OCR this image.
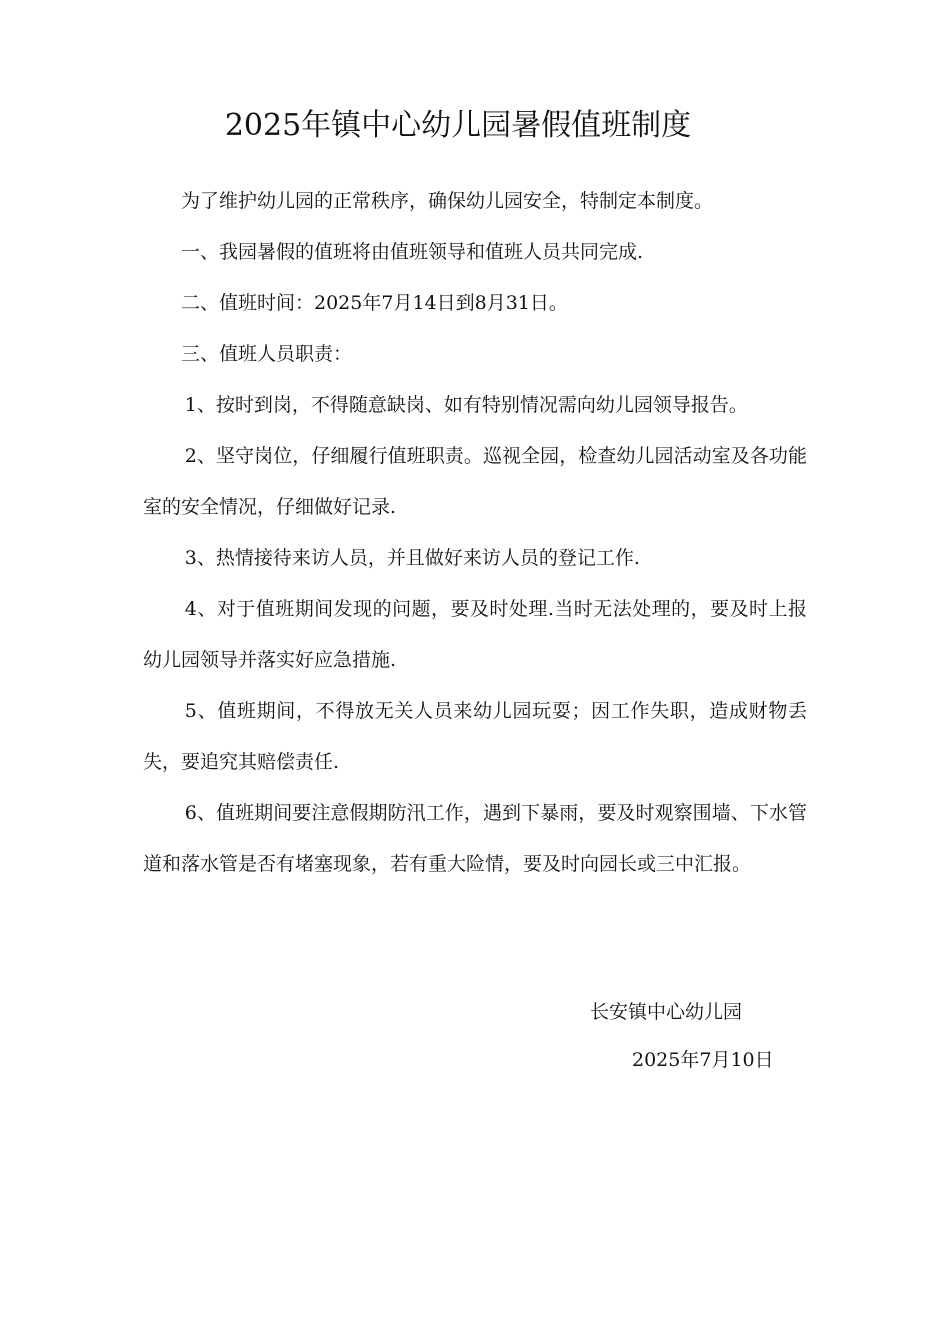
2025年镇中心幼儿园暑假值班制度

为了维护幼儿园的正常秩序，确保幼儿园安全，特制定本制度。

一、我园暑假的值班将由值班领导和值班人员共同完成.

二、值班时间：2025年7月14日到8月31日。

三、值班人员职责：

1、按时到岗，不得随意缺岗、如有特别情况需向幼儿园领导报告。

2、坚守岗位，仔细履行值班职责。巡视全园，检查幼儿园活动室及各功能室的安全情况，仔细做好记录.

3、热情接待来访人员，并且做好来访人员的登记工作.

4、对于值班期间发现的问题，要及时处理.当时无法处理的，要及时上报幼儿园领导并落实好应急措施.

5、值班期间，不得放无关人员来幼儿园玩耍；因工作失职，造成财物丢失，要追究其赔偿责任.

6、值班期间要注意假期防汛工作，遇到下暴雨，要及时观察围墙、下水管道和落水管是否有堵塞现象，若有重大险情，要及时向园长或三中汇报。

长安镇中心幼儿园
2025年7月10日
